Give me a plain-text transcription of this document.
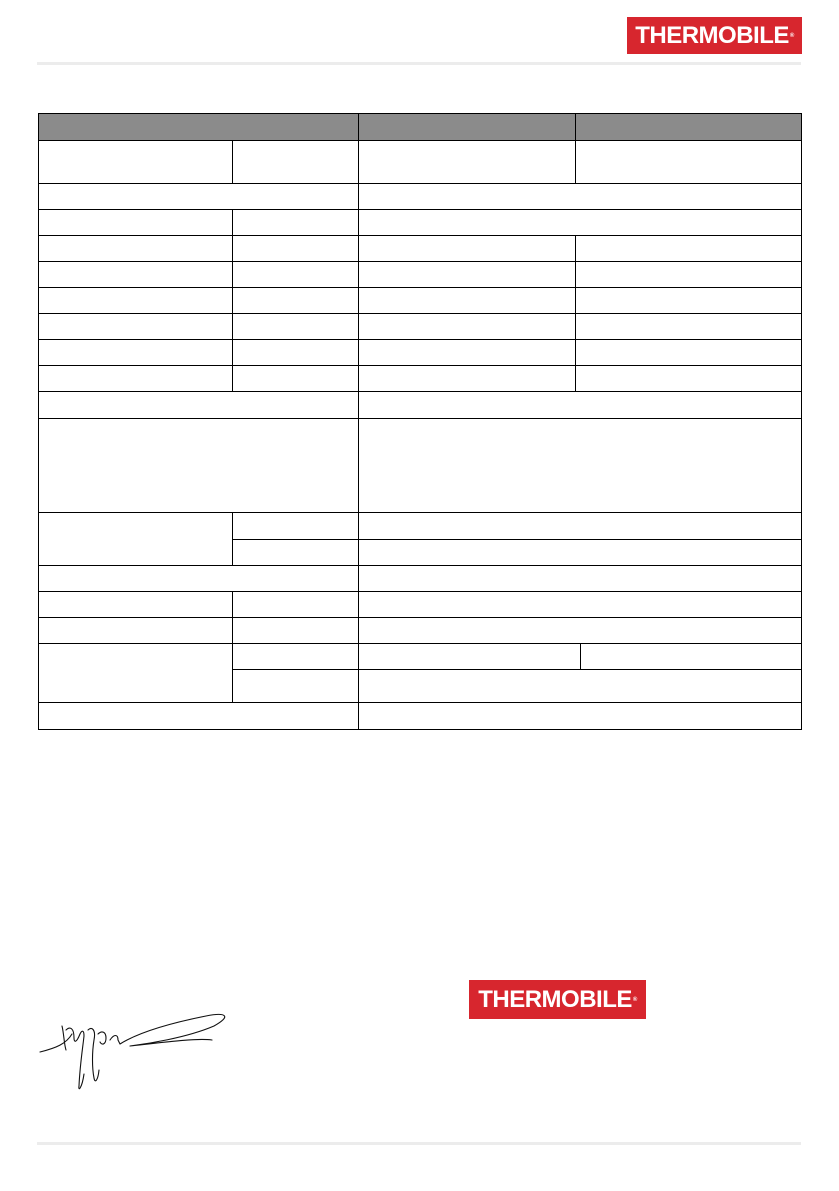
THERMOBILE ®
THERMOBILE ®
